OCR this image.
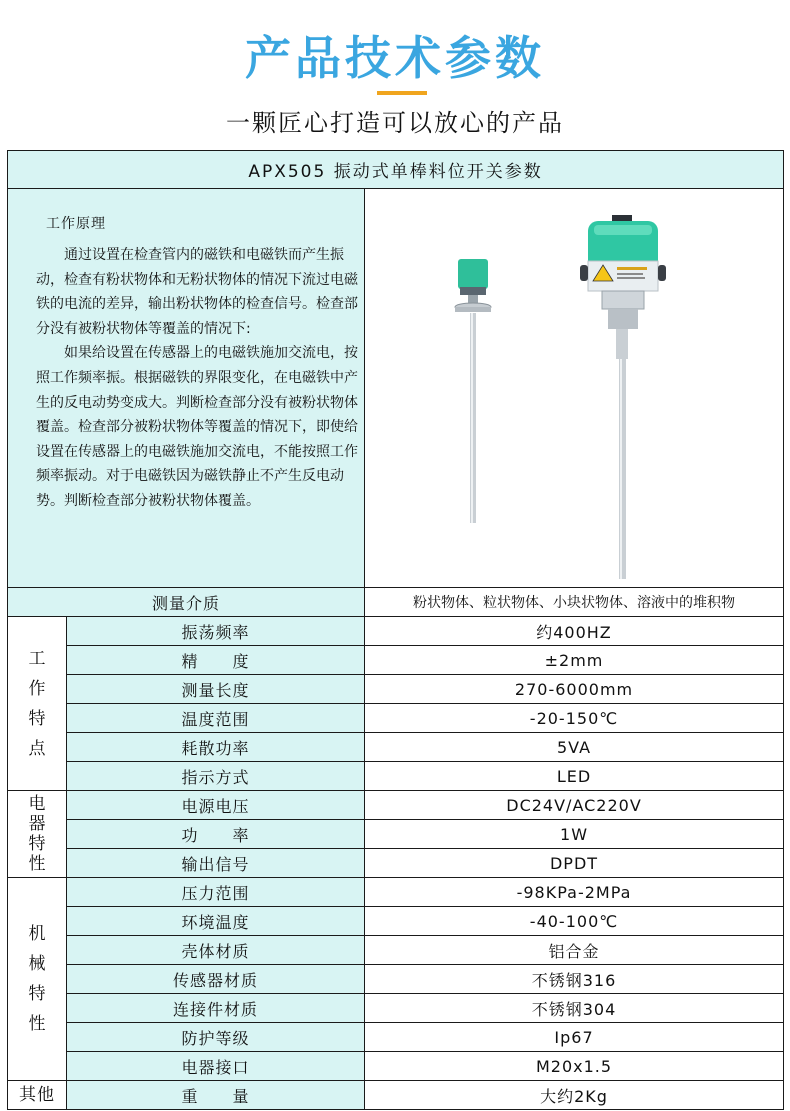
产品技术参数
一颗匠心打造可以放心的产品
APX505 振动式单棒料位开关参数		

工作原理

通过设置在检查管内的磁铁和电磁铁而产生振动，检查有粉状物体和无粉状物体的情况下流过电磁铁的电流的差异，输出粉状物体的检查信号。检查部分没有被粉状物体等覆盖的情况下:

如果给设置在传感器上的电磁铁施加交流电，按照工作频率振。根据磁铁的界限变化，在电磁铁中产生的反电动势变成大。判断检查部分没有被粉状物体覆盖。检查部分被粉状物体等覆盖的情况下，即使给设置在传感器上的电磁铁施加交流电，不能按照工作频率振动。对于电磁铁因为磁铁静止不产生反电动势。判断检查部分被粉状物体覆盖。

测量介质		粉状物体、粒状物体、小块状物体、溶液中的堆积物

工作特点	振荡频率	约400HZ
	精　　度	±2mm
	测量长度	270-6000mm
	温度范围	-20-150℃
	耗散功率	5VA
	指示方式	LED

电器特性	电源电压	DC24V/AC220V
	功　　率	1W
	输出信号	DPDT

机械特性	压力范围	-98KPa-2MPa
	环境温度	-40-100℃
	壳体材质	铝合金
	传感器材质	不锈钢316
	连接件材质	不锈钢304
	防护等级	Ip67
	电器接口	M20x1.5
其他	重　　量	大约2Kg
